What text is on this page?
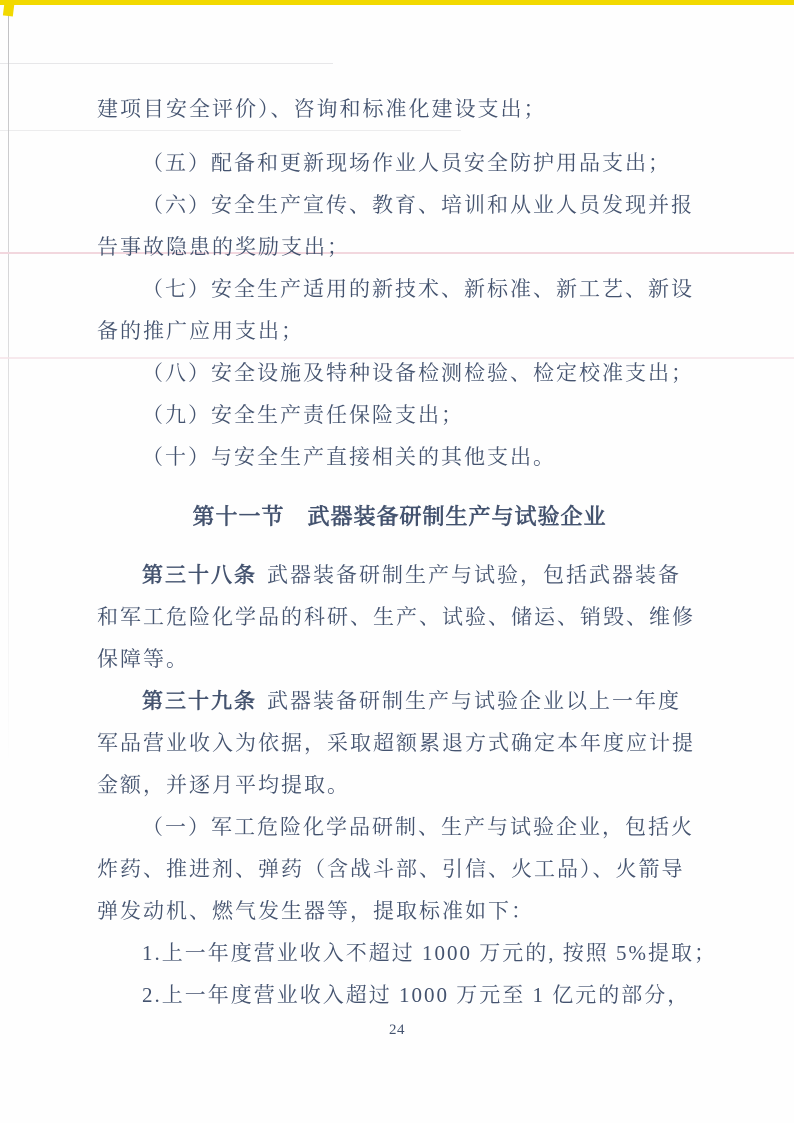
建项目安全评价）、咨询和标准化建设支出；
（五）配备和更新现场作业人员安全防护用品支出；
（六）安全生产宣传、教育、培训和从业人员发现并报
告事故隐患的奖励支出；
（七）安全生产适用的新技术、新标准、新工艺、新设
备的推广应用支出；
（八）安全设施及特种设备检测检验、检定校准支出；
（九）安全生产责任保险支出；
（十）与安全生产直接相关的其他支出。
第十一节　武器装备研制生产与试验企业
第三十八条 武器装备研制生产与试验，包括武器装备
和军工危险化学品的科研、生产、试验、储运、销毁、维修
保障等。
第三十九条 武器装备研制生产与试验企业以上一年度
军品营业收入为依据，采取超额累退方式确定本年度应计提
金额，并逐月平均提取。
（一）军工危险化学品研制、生产与试验企业，包括火
炸药、推进剂、弹药（含战斗部、引信、火工品）、火箭导
弹发动机、燃气发生器等，提取标准如下：
1.上一年度营业收入不超过 1000 万元的, 按照 5%提取；
2.上一年度营业收入超过 1000 万元至 1 亿元的部分，
24
